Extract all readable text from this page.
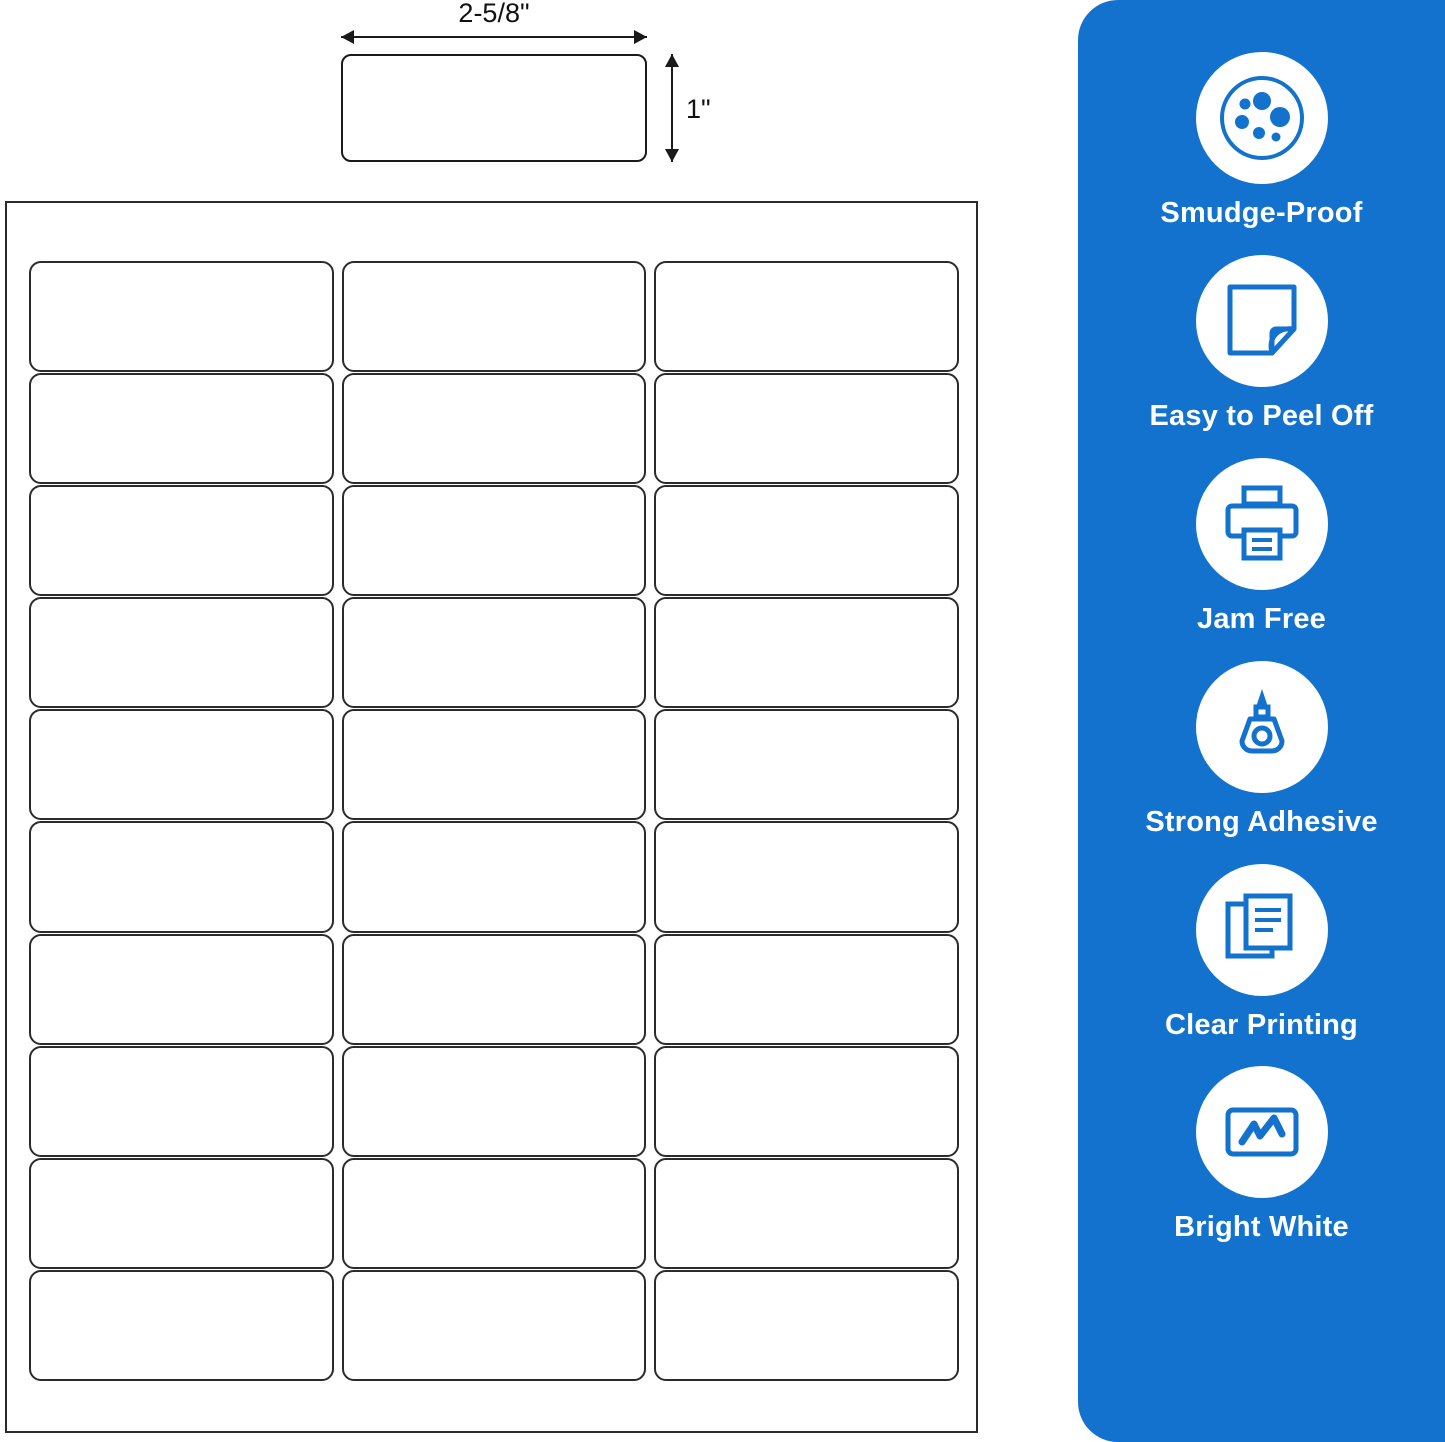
2-5/8"
1"
Smudge-Proof
Easy to Peel Off
Jam Free
Strong Adhesive
Clear Printing
Bright White
